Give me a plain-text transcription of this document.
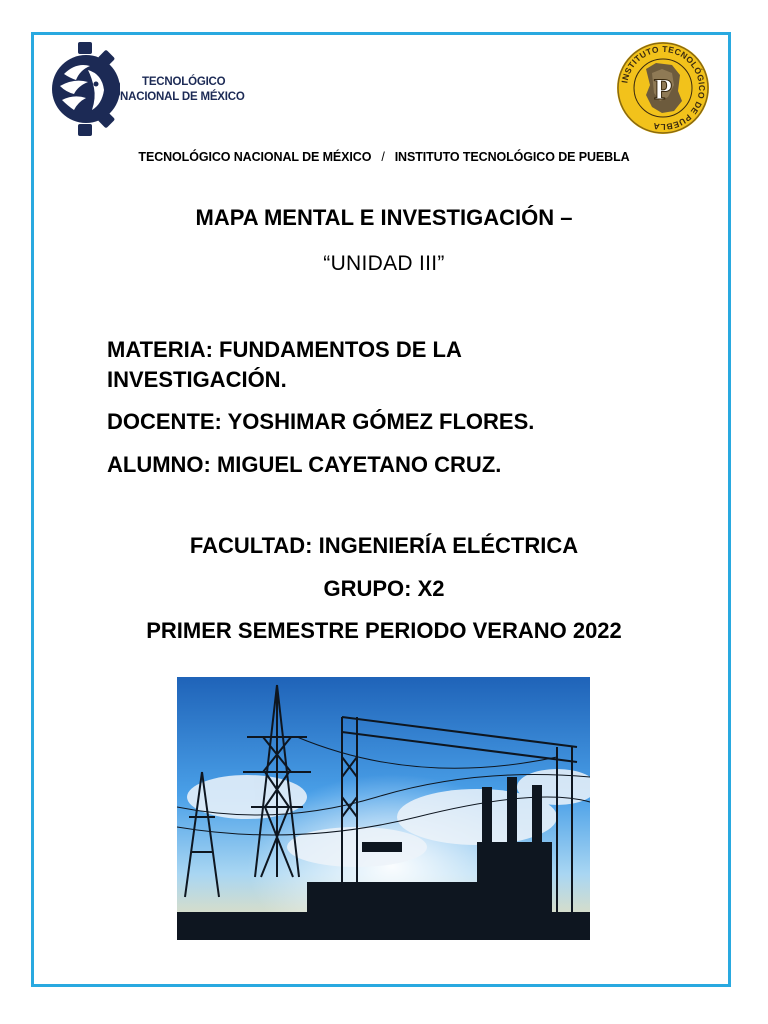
TECNOLÓGICO
NACIONAL DE MÉXICO
INSTITUTO TECNOLÓGICO DE PUEBLA
P
TECNOLÓGICO NACIONAL DE MÉXICO / INSTITUTO TECNOLÓGICO DE PUEBLA
MAPA MENTAL E INVESTIGACIÓN –
“UNIDAD III”
MATERIA: FUNDAMENTOS DE LA INVESTIGACIÓN.
DOCENTE: YOSHIMAR GÓMEZ FLORES.
ALUMNO: MIGUEL CAYETANO CRUZ.
FACULTAD: INGENIERÍA ELÉCTRICA
GRUPO: X2
PRIMER SEMESTRE PERIODO VERANO 2022
